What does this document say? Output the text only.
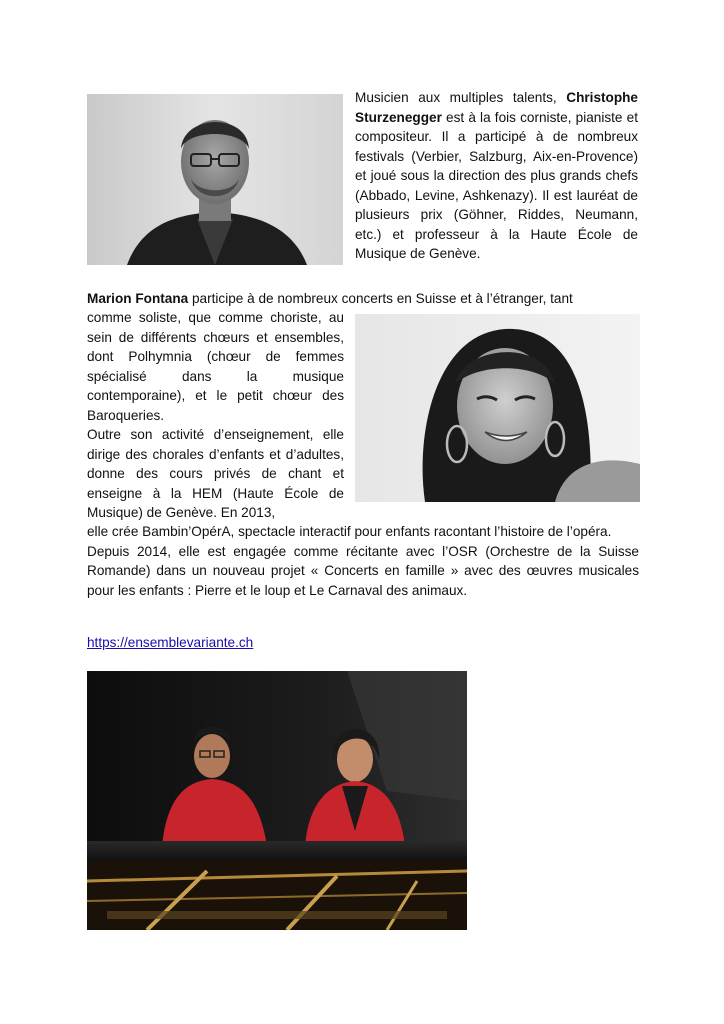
Musicien aux multiples talents, Christophe Sturzenegger est à la fois corniste, pianiste et compositeur. Il a participé à de nombreux festivals (Verbier, Salzburg, Aix-en-Provence) et joué sous la direction des plus grands chefs (Abbado, Levine, Ashkenazy). Il est lauréat de plusieurs prix (Göhner, Riddes, Neumann, etc.) et professeur à la Haute École de Musique de Genève.
Marion Fontana participe à de nombreux concerts en Suisse et à l’étranger, tant
comme soliste, que comme choriste, au sein de différents chœurs et ensembles, dont Polhymnia (chœur de femmes spécialisé dans la musique contemporaine), et le petit chœur des Baroqueries.
Outre son activité d’enseignement, elle dirige des chorales d’enfants et d’adultes, donne des cours privés de chant et enseigne à la HEM (Haute École de Musique) de Genève. En 2013,
elle crée Bambin’OpérA, spectacle interactif pour enfants racontant l’histoire de l’opéra.
Depuis 2014, elle est engagée comme récitante avec l’OSR (Orchestre de la Suisse Romande) dans un nouveau projet « Concerts en famille » avec des œuvres musicales pour les enfants : Pierre et le loup et Le Carnaval des animaux.
https://ensemblevariante.ch
